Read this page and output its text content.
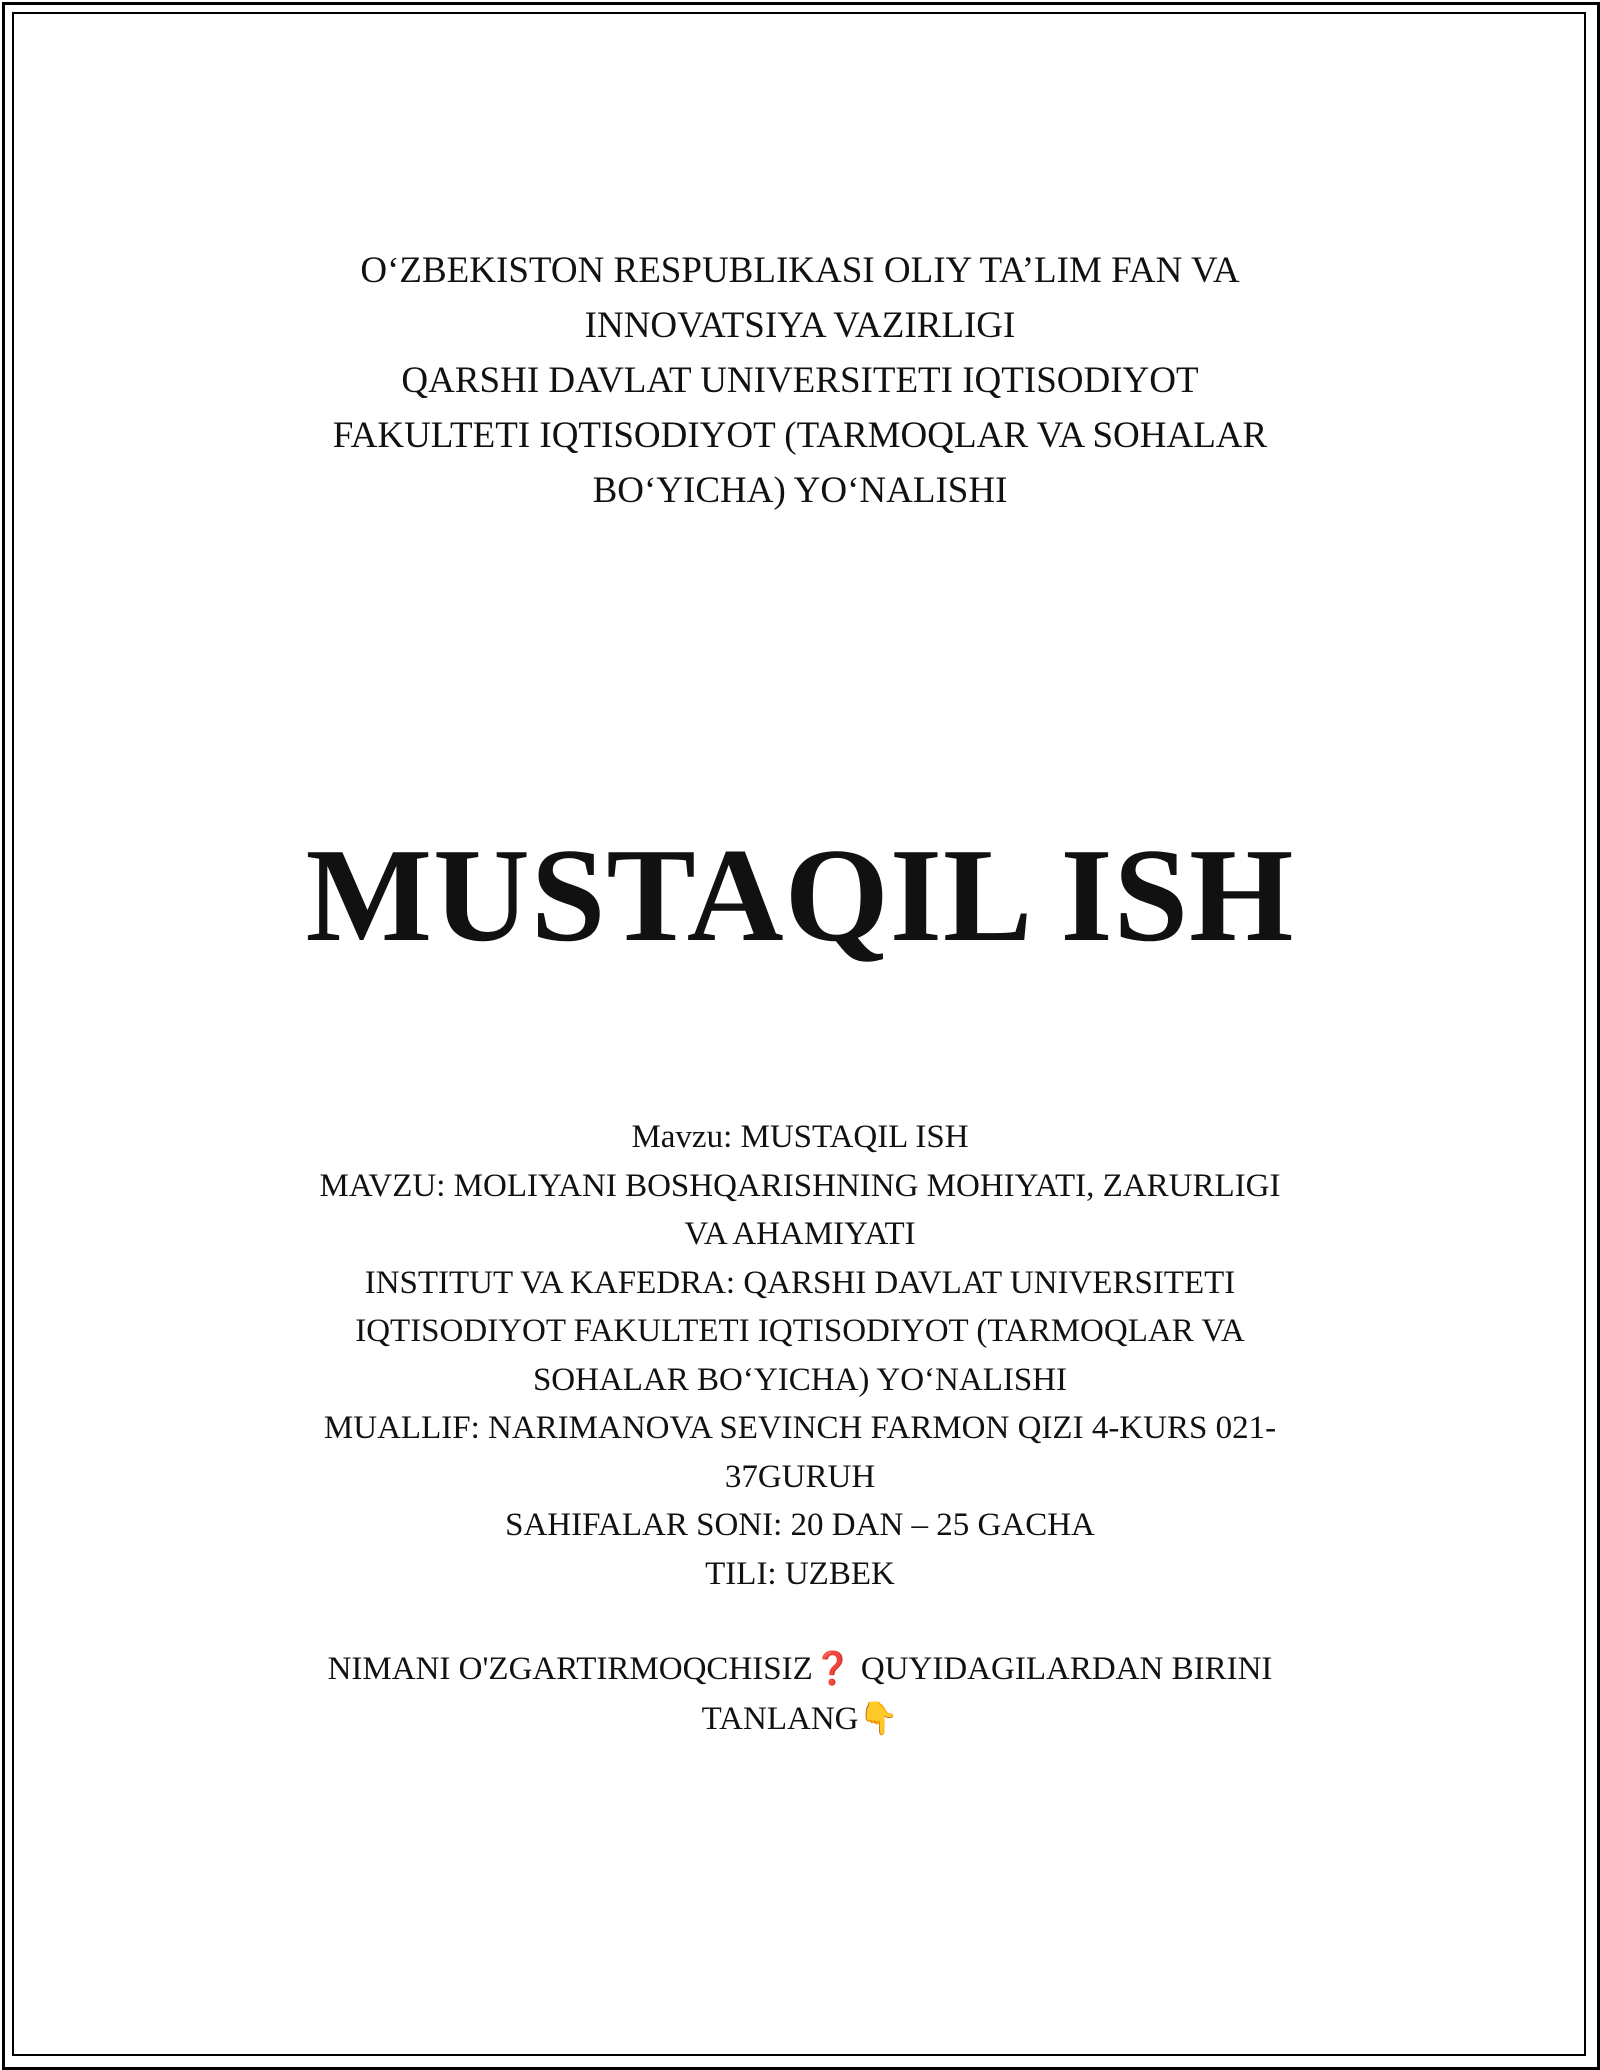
O‘ZBEKISTON RESPUBLIKASI OLIY TA’LIM FAN VA
INNOVATSIYA VAZIRLIGI
QARSHI DAVLAT UNIVERSITETI IQTISODIYOT
FAKULTETI IQTISODIYOT (TARMOQLAR VA SOHALAR
BO‘YICHA) YO‘NALISHI
MUSTAQIL ISH
Mavzu: MUSTAQIL ISH
MAVZU: MOLIYANI BOSHQARISHNING MOHIYATI, ZARURLIGI
VA AHAMIYATI
INSTITUT VA KAFEDRA: QARSHI DAVLAT UNIVERSITETI
IQTISODIYOT FAKULTETI IQTISODIYOT (TARMOQLAR VA
SOHALAR BO‘YICHA) YO‘NALISHI
MUALLIF: NARIMANOVA SEVINCH FARMON QIZI 4-KURS 021-
37GURUH
SAHIFALAR SONI: 20 DAN – 25 GACHA
TILI: UZBEK
NIMANI O'ZGARTIRMOQCHISIZ❓ QUYIDAGILARDAN BIRINI
TANLANG👇
